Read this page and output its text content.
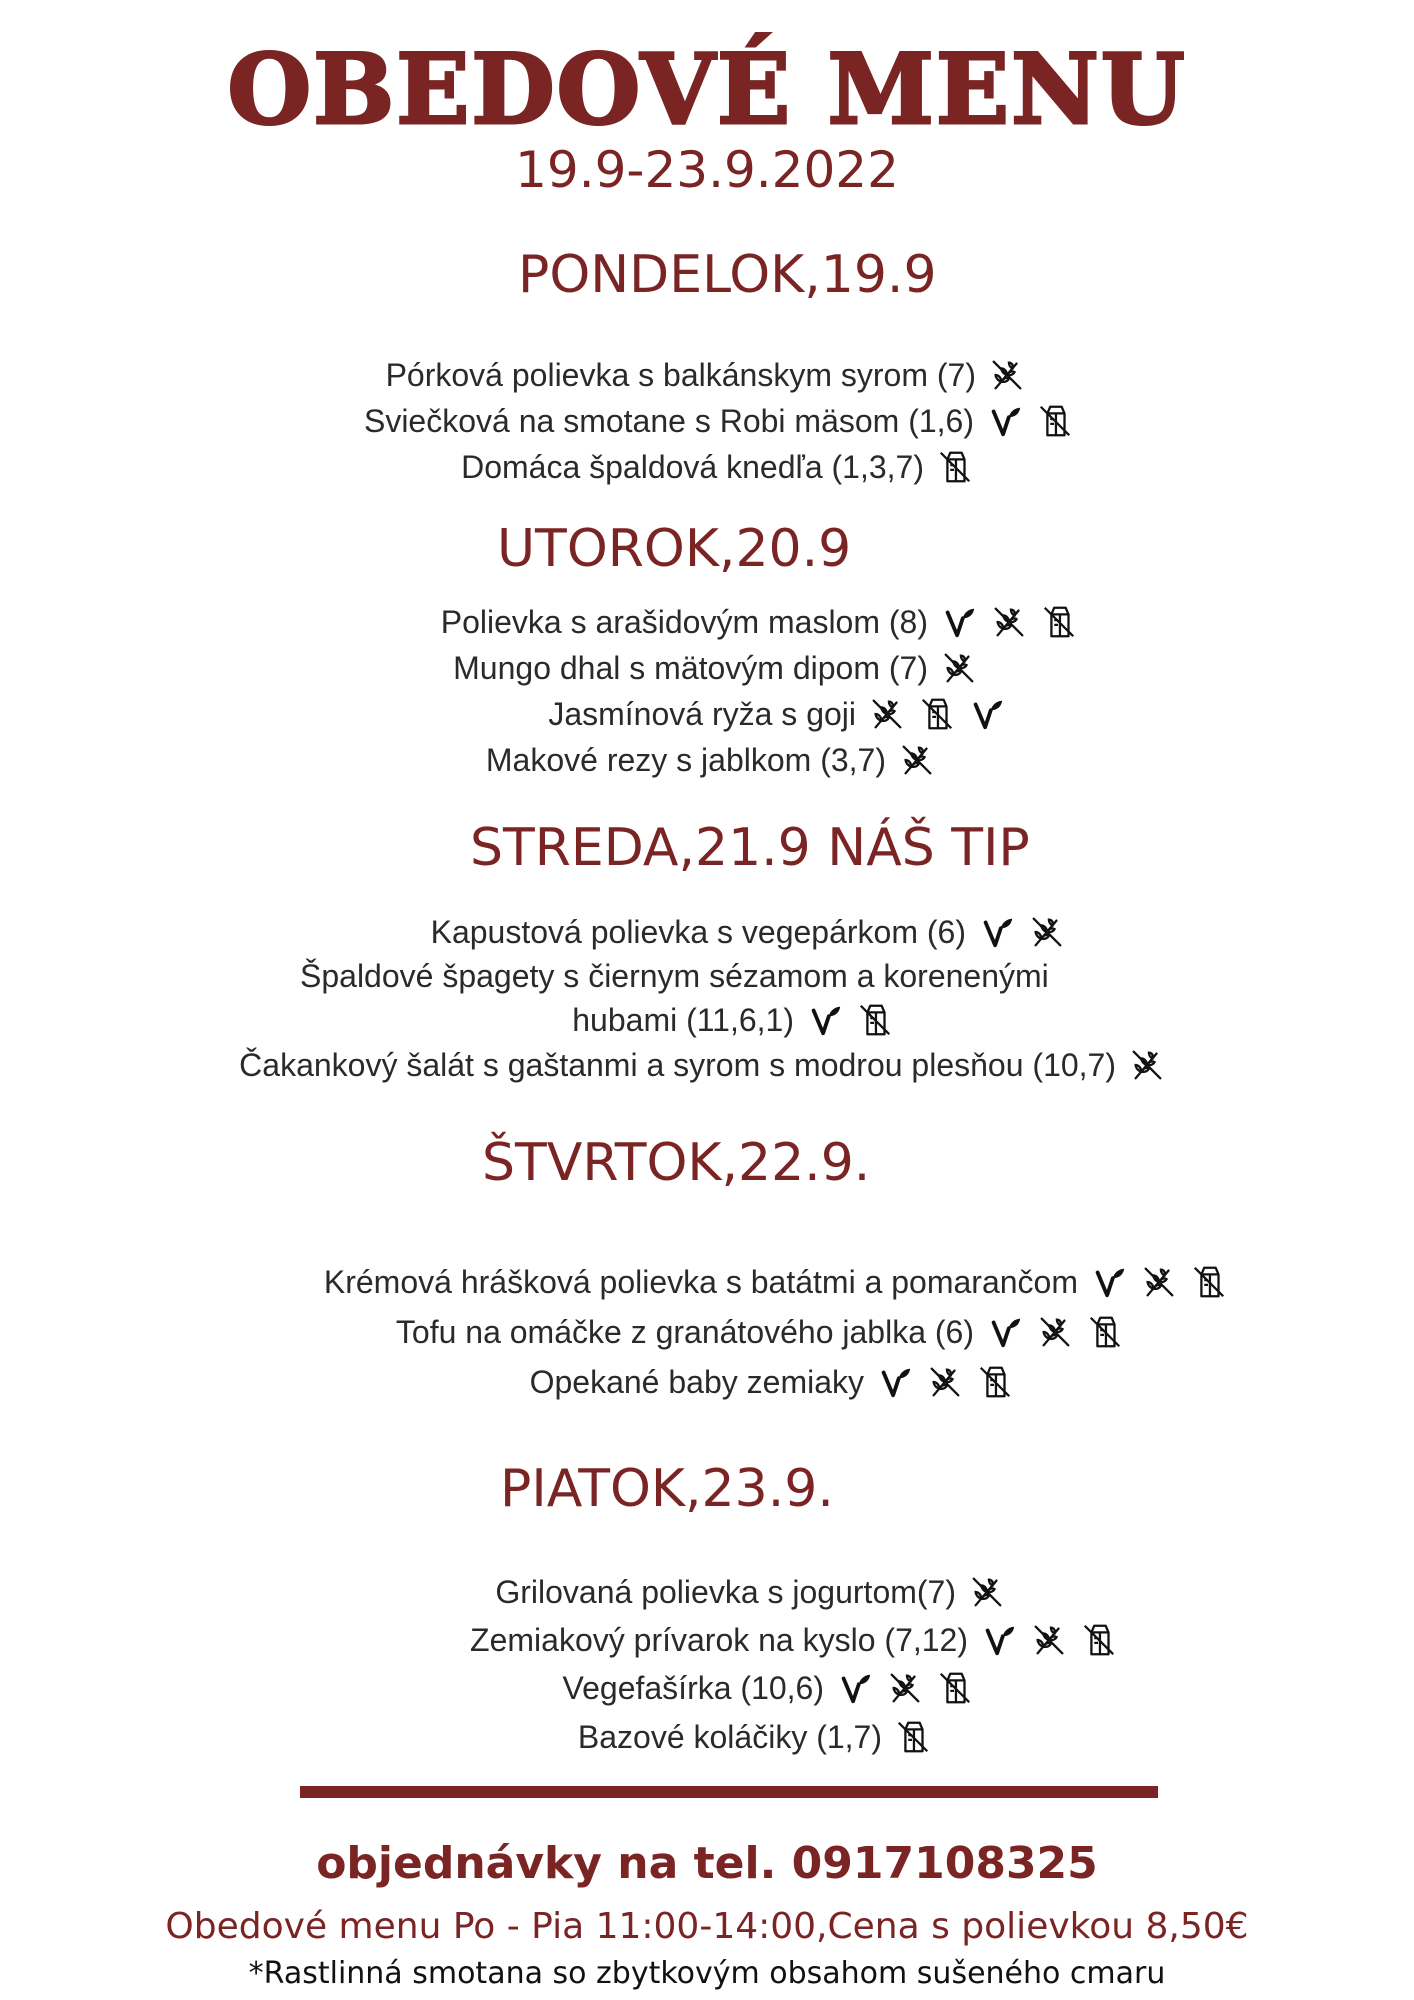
OBEDOVÉ MENU
19.9-23.9.2022
PONDELOK,19.9
Pórková polievka s balkánskym syrom (7)
Sviečková na smotane s Robi mäsom (1,6)
Domáca špaldová knedľa (1,3,7)
UTOROK,20.9
Polievka s arašidovým maslom (8)
Mungo dhal s mätovým dipom (7)
Jasmínová ryža s goji
Makové rezy s jablkom (3,7)
STREDA,21.9 NÁŠ TIP
Kapustová polievka s vegepárkom (6)
Špaldové špagety s čiernym sézamom a korenenými
hubami (11,6,1)
Čakankový šalát s gaštanmi a syrom s modrou plesňou (10,7)
ŠTVRTOK,22.9.
Krémová hrášková polievka s batátmi a pomarančom
Tofu na omáčke z granátového jablka (6)
Opekané baby zemiaky
PIATOK,23.9.
Grilovaná polievka s jogurtom(7)
Zemiakový prívarok na kyslo (7,12)
Vegefašírka (10,6)
Bazové koláčiky (1,7)
objednávky na tel. 0917108325
Obedové menu Po - Pia 11:00-14:00,Cena s polievkou 8,50€
*Rastlinná smotana so zbytkovým obsahom sušeného cmaru
